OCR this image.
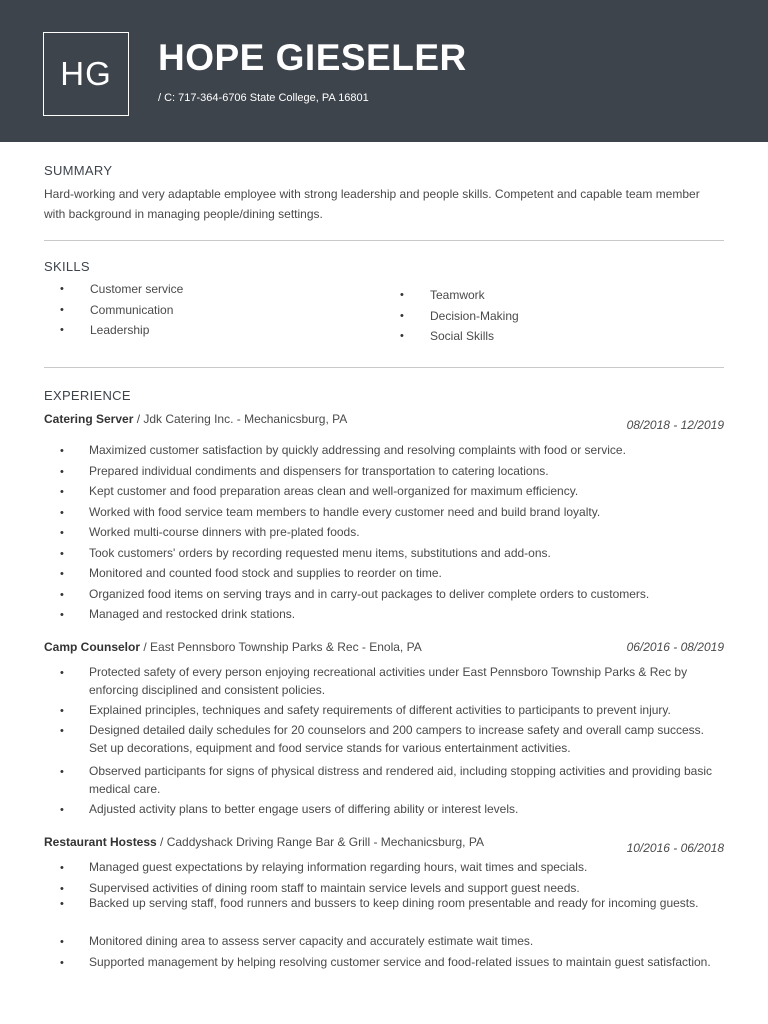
HG	HOPE GIESELER
/ C: 717-364-6706 State College, PA 16801
SUMMARY
Hard-working and very adaptable employee with strong leadership and people skills. Competent and capable team member with background in managing people/dining settings.
SKILLS
• Customer service
• Communication
• Leadership
• Teamwork
• Decision-Making
• Social Skills
EXPERIENCE
Catering Server / Jdk Catering Inc. - Mechanicsburg, PA	08/2018 - 12/2019
• Maximized customer satisfaction by quickly addressing and resolving complaints with food or service.
• Prepared individual condiments and dispensers for transportation to catering locations.
• Kept customer and food preparation areas clean and well-organized for maximum efficiency.
• Worked with food service team members to handle every customer need and build brand loyalty.
• Worked multi-course dinners with pre-plated foods.
• Took customers' orders by recording requested menu items, substitutions and add-ons.
• Monitored and counted food stock and supplies to reorder on time.
• Organized food items on serving trays and in carry-out packages to deliver complete orders to customers.
• Managed and restocked drink stations.
Camp Counselor / East Pennsboro Township Parks & Rec - Enola, PA	06/2016 - 08/2019
• Protected safety of every person enjoying recreational activities under East Pennsboro Township Parks & Rec by enforcing disciplined and consistent policies.
• Explained principles, techniques and safety requirements of different activities to participants to prevent injury.
• Designed detailed daily schedules for 20 counselors and 200 campers to increase safety and overall camp success. Set up decorations, equipment and food service stands for various entertainment activities.
• Observed participants for signs of physical distress and rendered aid, including stopping activities and providing basic medical care.
• Adjusted activity plans to better engage users of differing ability or interest levels.
Restaurant Hostess / Caddyshack Driving Range Bar & Grill - Mechanicsburg, PA	10/2016 - 06/2018
• Managed guest expectations by relaying information regarding hours, wait times and specials.
• Supervised activities of dining room staff to maintain service levels and support guest needs.
• Backed up serving staff, food runners and bussers to keep dining room presentable and ready for incoming guests.
• Monitored dining area to assess server capacity and accurately estimate wait times.
• Supported management by helping resolving customer service and food-related issues to maintain guest satisfaction.
